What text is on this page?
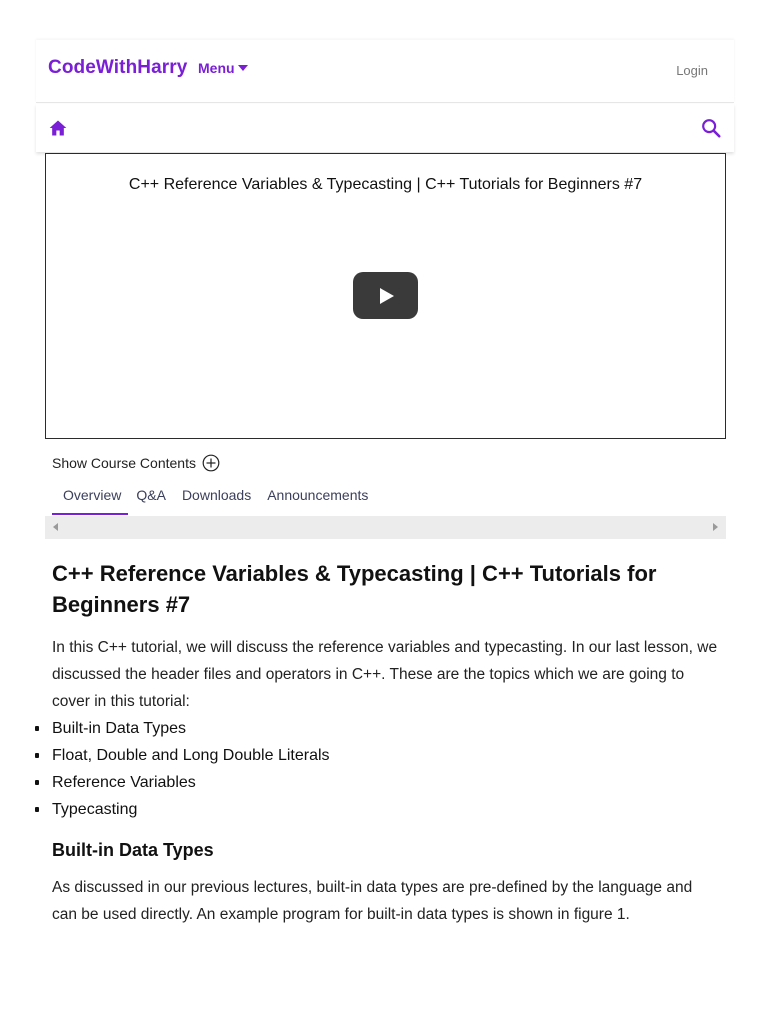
CodeWithHarry Menu	Login
C++ Reference Variables & Typecasting | C++ Tutorials for Beginners #7
Show Course Contents
Overview	Q&A	Downloads	Announcements
C++ Reference Variables & Typecasting | C++ Tutorials for Beginners #7

In this C++ tutorial, we will discuss the reference variables and typecasting. In our last lesson, we discussed the header files and operators in C++. These are the topics which we are going to cover in this tutorial:

Built-in Data Types
Float, Double and Long Double Literals
Reference Variables
Typecasting
Built-in Data Types

As discussed in our previous lectures, built-in data types are pre-defined by the language and can be used directly. An example program for built-in data types is shown in figure 1.
